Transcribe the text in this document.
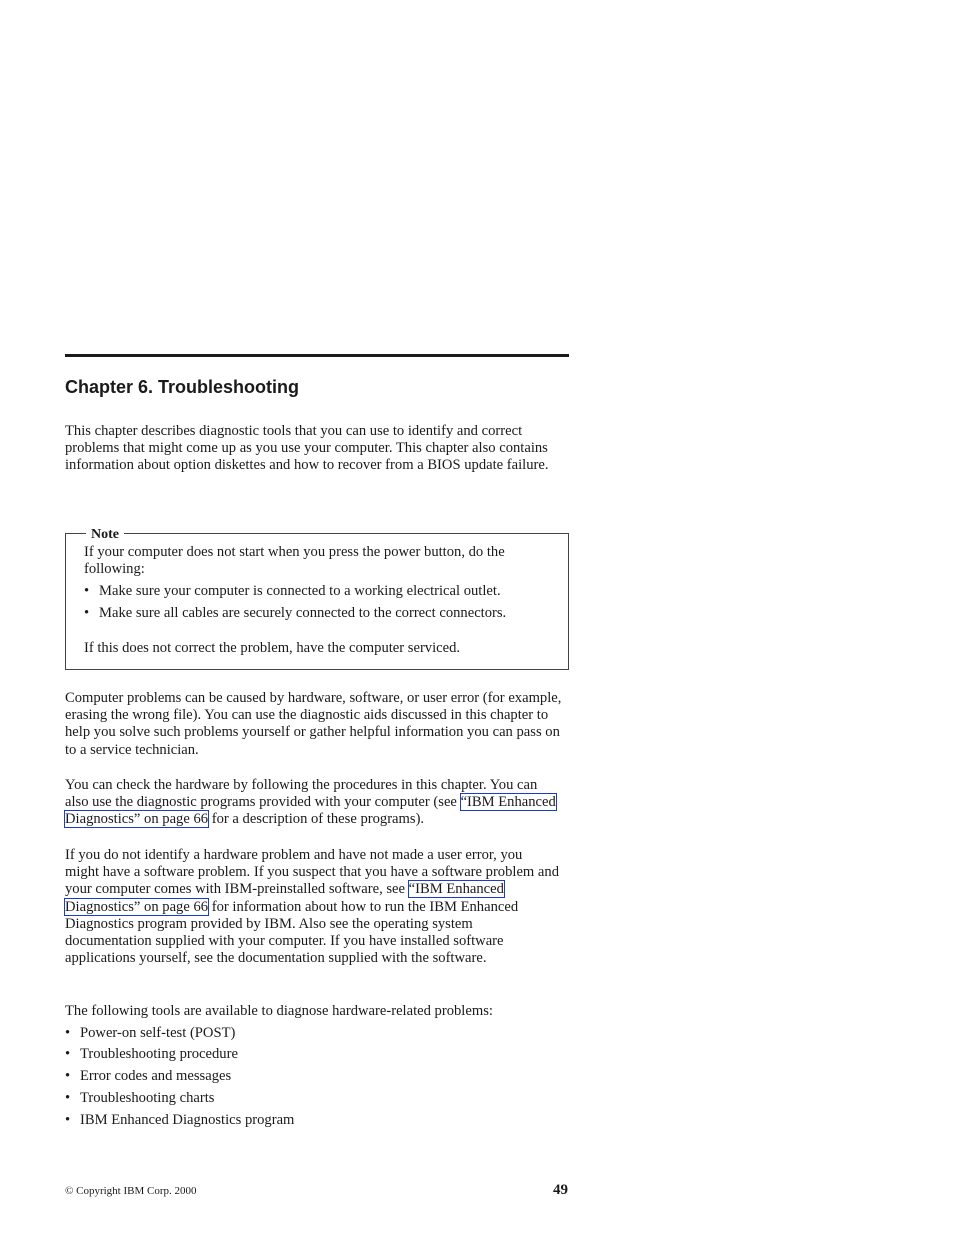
Chapter 6. Troubleshooting

This chapter describes diagnostic tools that you can use to identify and correct problems that might come up as you use your computer. This chapter also contains information about option diskettes and how to recover from a BIOS update failure.

Note

If your computer does not start when you press the power button, do the following:

• Make sure your computer is connected to a working electrical outlet.

• Make sure all cables are securely connected to the correct connectors.

If this does not correct the problem, have the computer serviced.

Computer problems can be caused by hardware, software, or user error (for example, erasing the wrong file). You can use the diagnostic aids discussed in this chapter to help you solve such problems yourself or gather helpful information you can pass on to a service technician.

You can check the hardware by following the procedures in this chapter. You can also use the diagnostic programs provided with your computer (see “IBM Enhanced Diagnostics” on page 66 for a description of these programs).

If you do not identify a hardware problem and have not made a user error, you might have a software problem. If you suspect that you have a software problem and your computer comes with IBM-preinstalled software, see “IBM Enhanced Diagnostics” on page 66 for information about how to run the IBM Enhanced Diagnostics program provided by IBM. Also see the operating system documentation supplied with your computer. If you have installed software applications yourself, see the documentation supplied with the software.

The following tools are available to diagnose hardware-related problems:

• Power-on self-test (POST)

• Troubleshooting procedure

• Error codes and messages

• Troubleshooting charts

• IBM Enhanced Diagnostics program

© Copyright IBM Corp. 2000	49
